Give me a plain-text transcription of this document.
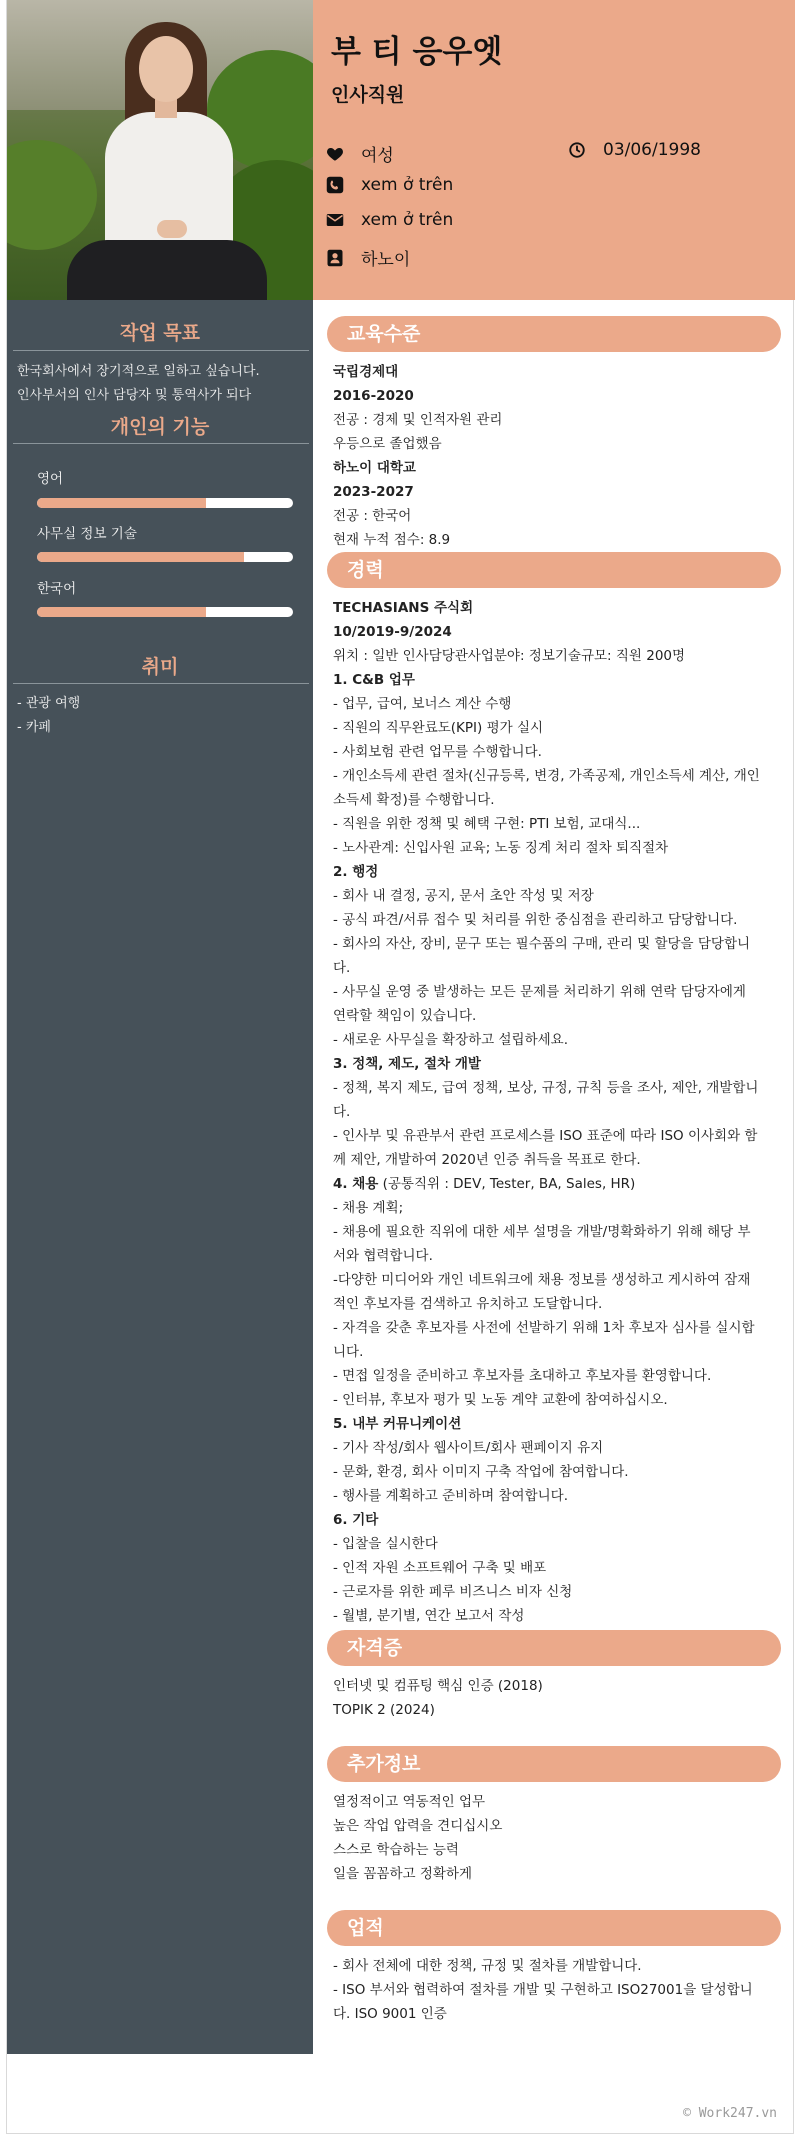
부 티 응우엣
인사직원
여성	03/06/1998
xem ở trên
xem ở trên
하노이
작업 목표
한국회사에서 장기적으로 일하고 싶습니다.
인사부서의 인사 담당자 및 통역사가 되다
개인의 기능
영어
사무실 정보 기술
한국어
취미
- 관광 여행
- 카페
교육수준
국립경제대
2016-2020
전공 : 경제 및 인적자원 관리
우등으로 졸업했음
하노이 대학교
2023-2027
전공 : 한국어
현재 누적 점수: 8.9
경력
TECHASIANS 주식회
10/2019-9/2024
위치 : 일반 인사담당관사업분야: 정보기술규모: 직원 200명
1. C&B 업무
- 업무, 급여, 보너스 계산 수행
- 직원의 직무완료도(KPI) 평가 실시
- 사회보험 관련 업무를 수행합니다.
- 개인소득세 관련 절차(신규등록, 변경, 가족공제, 개인소득세 계산, 개인
소득세 확정)를 수행합니다.
- 직원을 위한 정책 및 혜택 구현: PTI 보험, 교대식...
- 노사관계: 신입사원 교육; 노동 징계 처리 절차 퇴직절차
2. 행정
- 회사 내 결정, 공지, 문서 초안 작성 및 저장
- 공식 파견/서류 접수 및 처리를 위한 중심점을 관리하고 담당합니다.
- 회사의 자산, 장비, 문구 또는 필수품의 구매, 관리 및 할당을 담당합니
다.
- 사무실 운영 중 발생하는 모든 문제를 처리하기 위해 연락 담당자에게
연락할 책임이 있습니다.
- 새로운 사무실을 확장하고 설립하세요.
3. 정책, 제도, 절차 개발
- 정책, 복지 제도, 급여 정책, 보상, 규정, 규칙 등을 조사, 제안, 개발합니
다.
- 인사부 및 유관부서 관련 프로세스를 ISO 표준에 따라 ISO 이사회와 함
께 제안, 개발하여 2020년 인증 취득을 목표로 한다.
4. 채용 (공통직위 : DEV, Tester, BA, Sales, HR)
- 채용 계획;
- 채용에 필요한 직위에 대한 세부 설명을 개발/명확화하기 위해 해당 부
서와 협력합니다.
-다양한 미디어와 개인 네트워크에 채용 정보를 생성하고 게시하여 잠재
적인 후보자를 검색하고 유치하고 도달합니다.
- 자격을 갖춘 후보자를 사전에 선발하기 위해 1차 후보자 심사를 실시합
니다.
- 면접 일정을 준비하고 후보자를 초대하고 후보자를 환영합니다.
- 인터뷰, 후보자 평가 및 노동 계약 교환에 참여하십시오.
5. 내부 커뮤니케이션
- 기사 작성/회사 웹사이트/회사 팬페이지 유지
- 문화, 환경, 회사 이미지 구축 작업에 참여합니다.
- 행사를 계획하고 준비하며 참여합니다.
6. 기타
- 입찰을 실시한다
- 인적 자원 소프트웨어 구축 및 배포
- 근로자를 위한 페루 비즈니스 비자 신청
- 월별, 분기별, 연간 보고서 작성
자격증
인터넷 및 컴퓨팅 핵심 인증 (2018)
TOPIK 2 (2024)
추가정보
열정적이고 역동적인 업무
높은 작업 압력을 견디십시오
스스로 학습하는 능력
일을 꼼꼼하고 정확하게
업적
- 회사 전체에 대한 정책, 규정 및 절차를 개발합니다.
- ISO 부서와 협력하여 절차를 개발 및 구현하고 ISO27001을 달성합니
다. ISO 9001 인증
© Work247.vn
